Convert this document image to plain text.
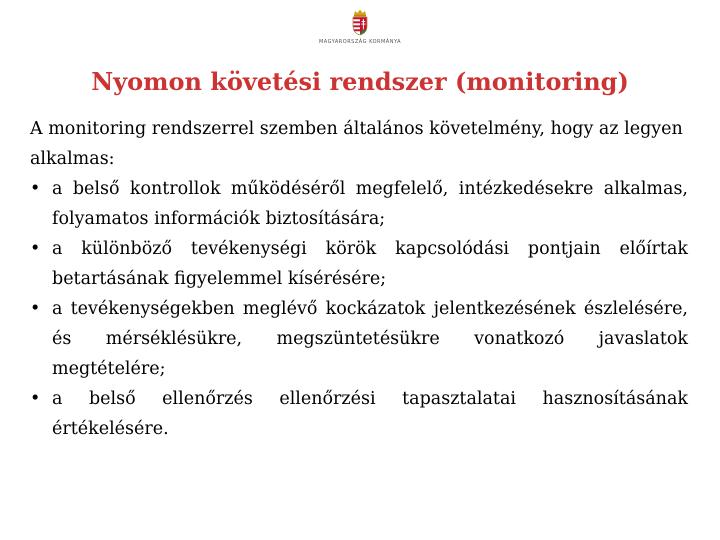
MAGYARORSZÁG KORMÁNYA
Nyomon követési rendszer (monitoring)

A monitoring rendszerrel szemben általános követelmény, hogy az legyen alkalmas:

• a belső kontrollok működéséről megfelelő, intézkedésekre alkalmas, folyamatos információk biztosítására;
• a különböző tevékenységi körök kapcsolódási pontjain előírtak betartásának figyelemmel kísérésére;
• a tevékenységekben meglévő kockázatok jelentkezésének észlelésére, és mérséklésükre, megszüntetésükre vonatkozó javaslatok megtételére;
• a belső ellenőrzés ellenőrzési tapasztalatai hasznosításának értékelésére.
